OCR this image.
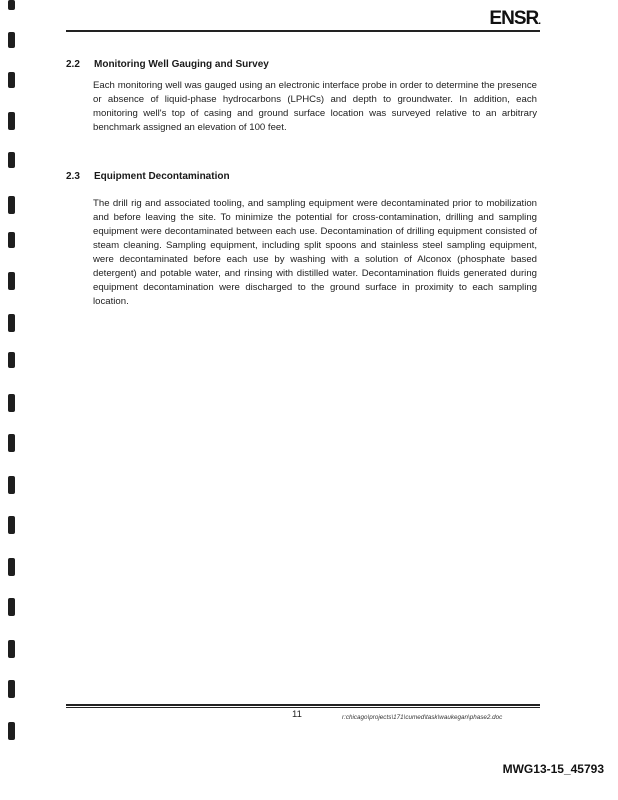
ENSR.
2.2 Monitoring Well Gauging and Survey

Each monitoring well was gauged using an electronic interface probe in order to determine the presence or absence of liquid-phase hydrocarbons (LPHCs) and depth to groundwater. In addition, each monitoring well's top of casing and ground surface location was surveyed relative to an arbitrary benchmark assigned an elevation of 100 feet.

2.3 Equipment Decontamination

The drill rig and associated tooling, and sampling equipment were decontaminated prior to mobilization and before leaving the site. To minimize the potential for cross-contamination, drilling and sampling equipment were decontaminated between each use. Decontamination of drilling equipment consisted of steam cleaning. Sampling equipment, including split spoons and stainless steel sampling equipment, were decontaminated before each use by washing with a solution of Alconox (phosphate based detergent) and potable water, and rinsing with distilled water. Decontamination fluids generated during equipment decontamination were discharged to the ground surface in proximity to each sampling location.

11	r:chicago\projects\171\cumed\task\waukegan\phase2.doc
MWG13-15_45793
